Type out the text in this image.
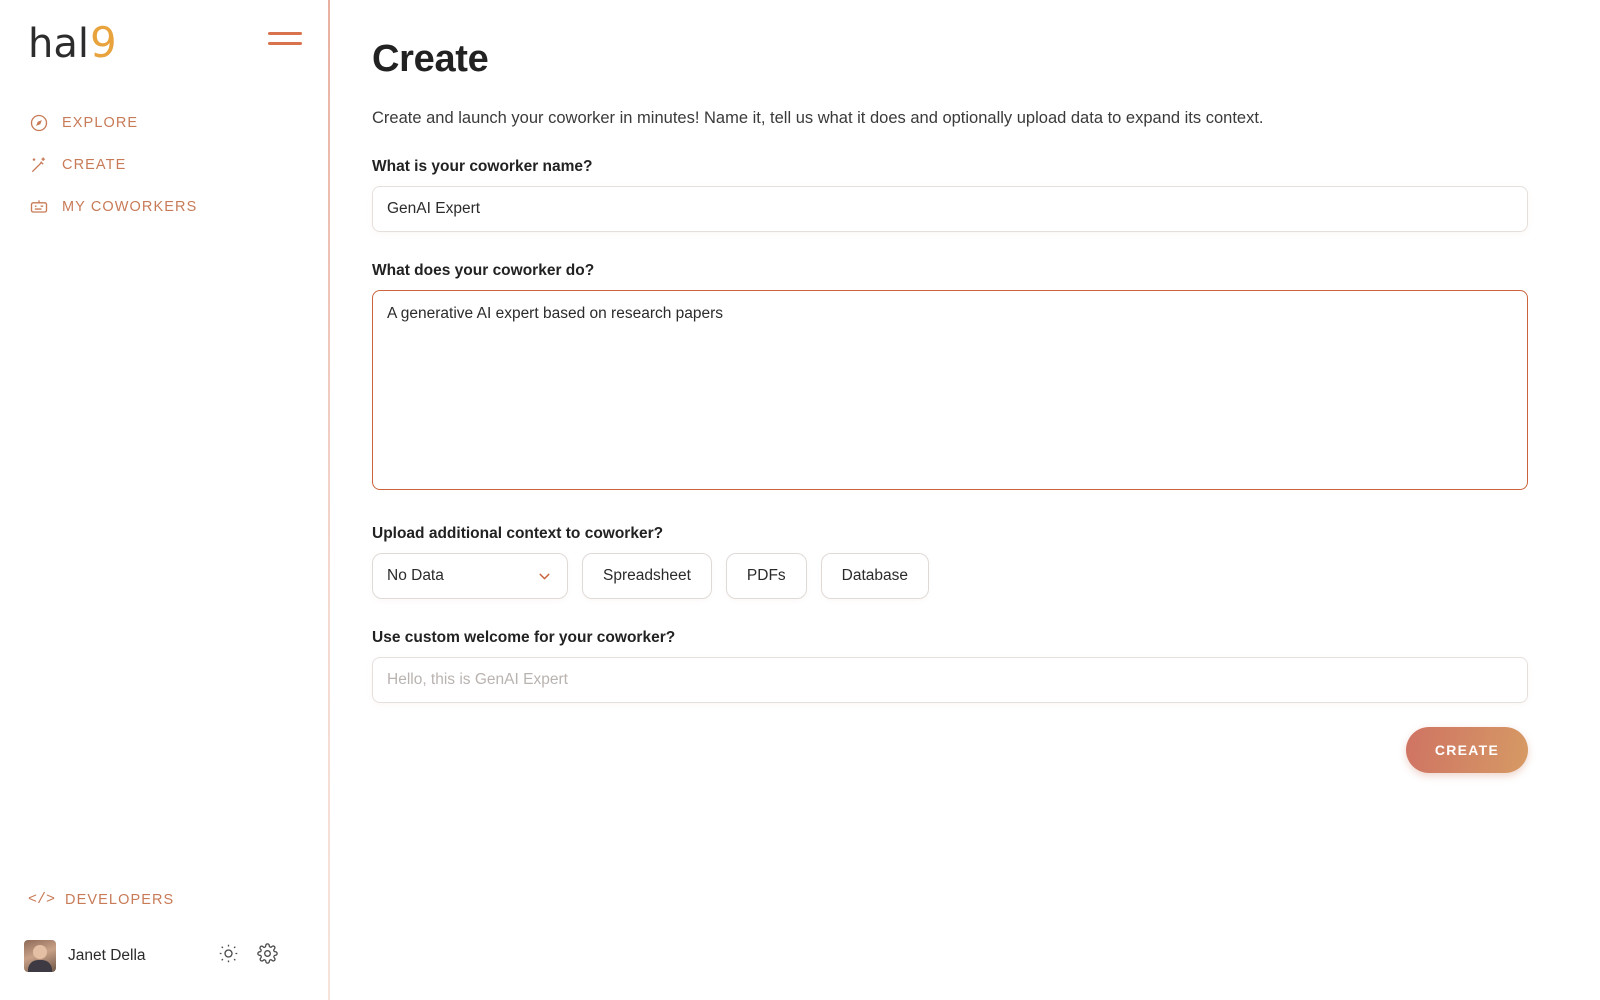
hal 9
EXPLORE
CREATE
MY COWORKERS
</> DEVELOPERS
Janet Della
Create

Create and launch your coworker in minutes! Name it, tell us what it does and optionally upload data to expand its context.

What is your coworker name?
GenAI Expert
What does your coworker do?
A generative AI expert based on research papers
Upload additional context to coworker?
No Data	Spreadsheet	PDFs	Database
Use custom welcome for your coworker?
Hello, this is GenAI Expert
CREATE
